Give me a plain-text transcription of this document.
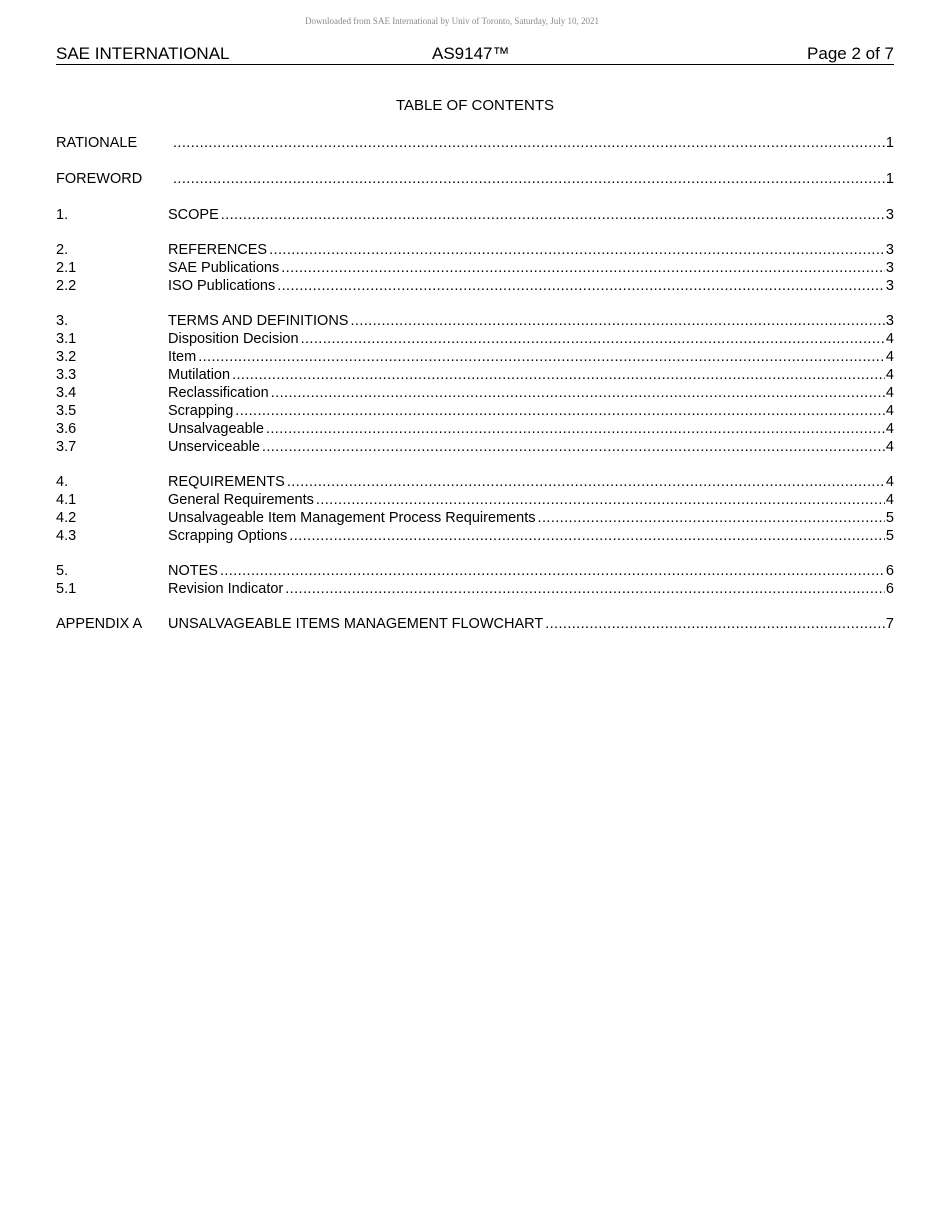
Downloaded from SAE International by Univ of Toronto, Saturday, July 10, 2021
SAE INTERNATIONAL	AS9147™	Page 2 of 7
TABLE OF CONTENTS
RATIONALE .....	1
FOREWORD .....	1
1.	SCOPE .....	3
2.	REFERENCES .....	3
2.1	SAE Publications .....	3
2.2	ISO Publications .....	3
3.	TERMS AND DEFINITIONS .....	3
3.1	Disposition Decision .....	4
3.2	Item .....	4
3.3	Mutilation .....	4
3.4	Reclassification .....	4
3.5	Scrapping .....	4
3.6	Unsalvageable .....	4
3.7	Unserviceable .....	4
4.	REQUIREMENTS .....	4
4.1	General Requirements .....	4
4.2	Unsalvageable Item Management Process Requirements .....	5
4.3	Scrapping Options .....	5
5.	NOTES .....	6
5.1	Revision Indicator .....	6
APPENDIX A UNSALVAGEABLE ITEMS MANAGEMENT FLOWCHART .....	7
